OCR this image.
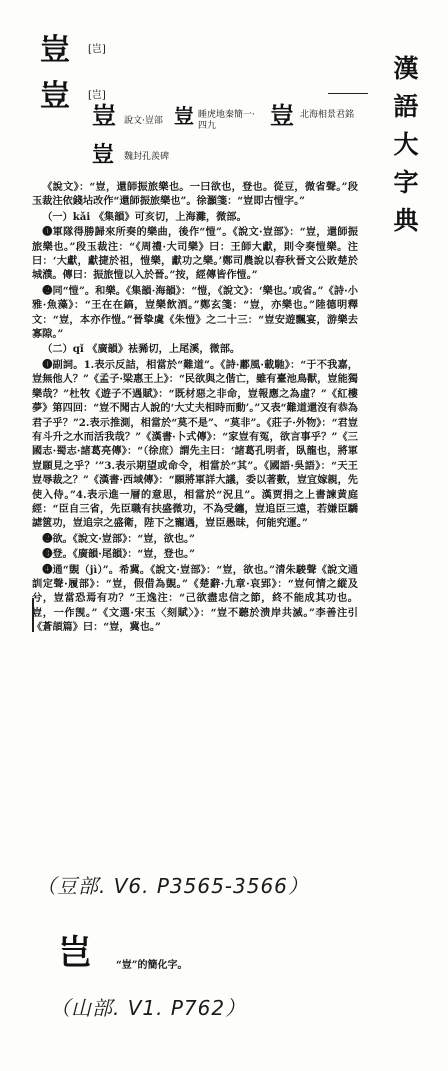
豈 [岂]
豈 [岂]
豈 說文·豈部 豈 睡虎地秦簡一·四九	豈 北海相景君銘
豈 魏封孔羨碑
漢
語
大
字
典

《說文》：“豈，還師振旅樂也。一曰欲也，登也。從豆，微省聲。”段玉裁注依錢坫改作“還師振旅樂也”。徐灝箋：“豈即古愷字。”

（一）kǎi 《集韻》可亥切，上海灘，微部。

❶軍隊得勝歸來所奏的樂曲，後作“愷”。《說文·豈部》：“豈，還師振旅樂也。”段玉裁注：“《周禮·大司樂》曰：王師大獻，則令奏愷樂。注曰：‘大獻，獻捷於祖，愷樂，獻功之樂。’鄭司農說以春秋晉文公敗楚於城濮。傳曰：振旅愷以入於晉。”按，經傳皆作愷。”

❷同“愷”。和樂。《集韻·海韻》：“愷，《說文》：‘樂也。’或省。”《詩·小雅·魚藻》：“王在在鎬，豈樂飲酒。”鄭玄箋：“豈，亦樂也。”陸德明釋文：“豈，本亦作愷。”晉挚虞《朱愷》之二十三：“豈安遊飄宴，游樂去寡隙。”

（二）qǐ 《廣韻》袪豨切，上尾溪，微部。

❶副詞。1.表示反詰，相當於“難道”。《詩·鄘風·載馳》：“于不我嘉，豈無他人？”《孟子·梁惠王上》：“民欲與之偕亡，雖有臺池鳥獸，豈能獨樂哉？”杜牧《遊子不遇賦》：“既材惡之非命，豈報應之為虛？”《紅樓夢》第四回：“豈不聞古人說的‘大丈夫相時而動’。”又表“難道還沒有恭為君子乎？”2.表示推測，相當於“莫不是”、“莫非”。《莊子·外物》：“君豈有斗升之水而活我哉？”《漢書·卜式傳》：“家豈有冤，欲言事乎？”《三國志·蜀志·諸葛亮傳》：“（徐庶）謂先主曰：‘諸葛孔明者，臥龍也，將軍豈願見之乎？’”3.表示期望或命令，相當於“其”。《國語·吳語》：“天王豈辱裁之？”《漢書·西域傳》：“願將軍詳大議，委以著數，豈宜嫁親，先使入侍。”4.表示進一層的意思，相當於“況且”。漢贾捐之上書諫黄庭經：“臣自三省，先臣職有扶盛微功，不為受纏，豈追臣三遠，若嫌臣驕謔篋功，豈追宗之盛衛，陛下之寵遇，豈臣愚昧，何能究運。”

❷欲。《說文·豈部》：“豈，欲也。”

❸登。《廣韻·尾韻》：“豈，登也。”

❹通“覬（jì）”。希冀。《說文·豈部》：“豈，欲也。”清朱駿聲《說文通訓定聲·履部》：“豈，假借為覬。”《楚辭·九章·哀郢》：“豈何情之縱及兮，豈當恐焉有功？”王逸注：“己欲盡忠信之節，終不能成其功也。豈，一作觊。”《文選·宋玉〈刻賦〉》：“豈不聽於溃岸共滅。”李善注引《蒼頡篇》曰：“豈，冀也。”

（豆部. V6. P3565-3566）
岂	“豈”的簡化字。
（山部. V1. P762）
